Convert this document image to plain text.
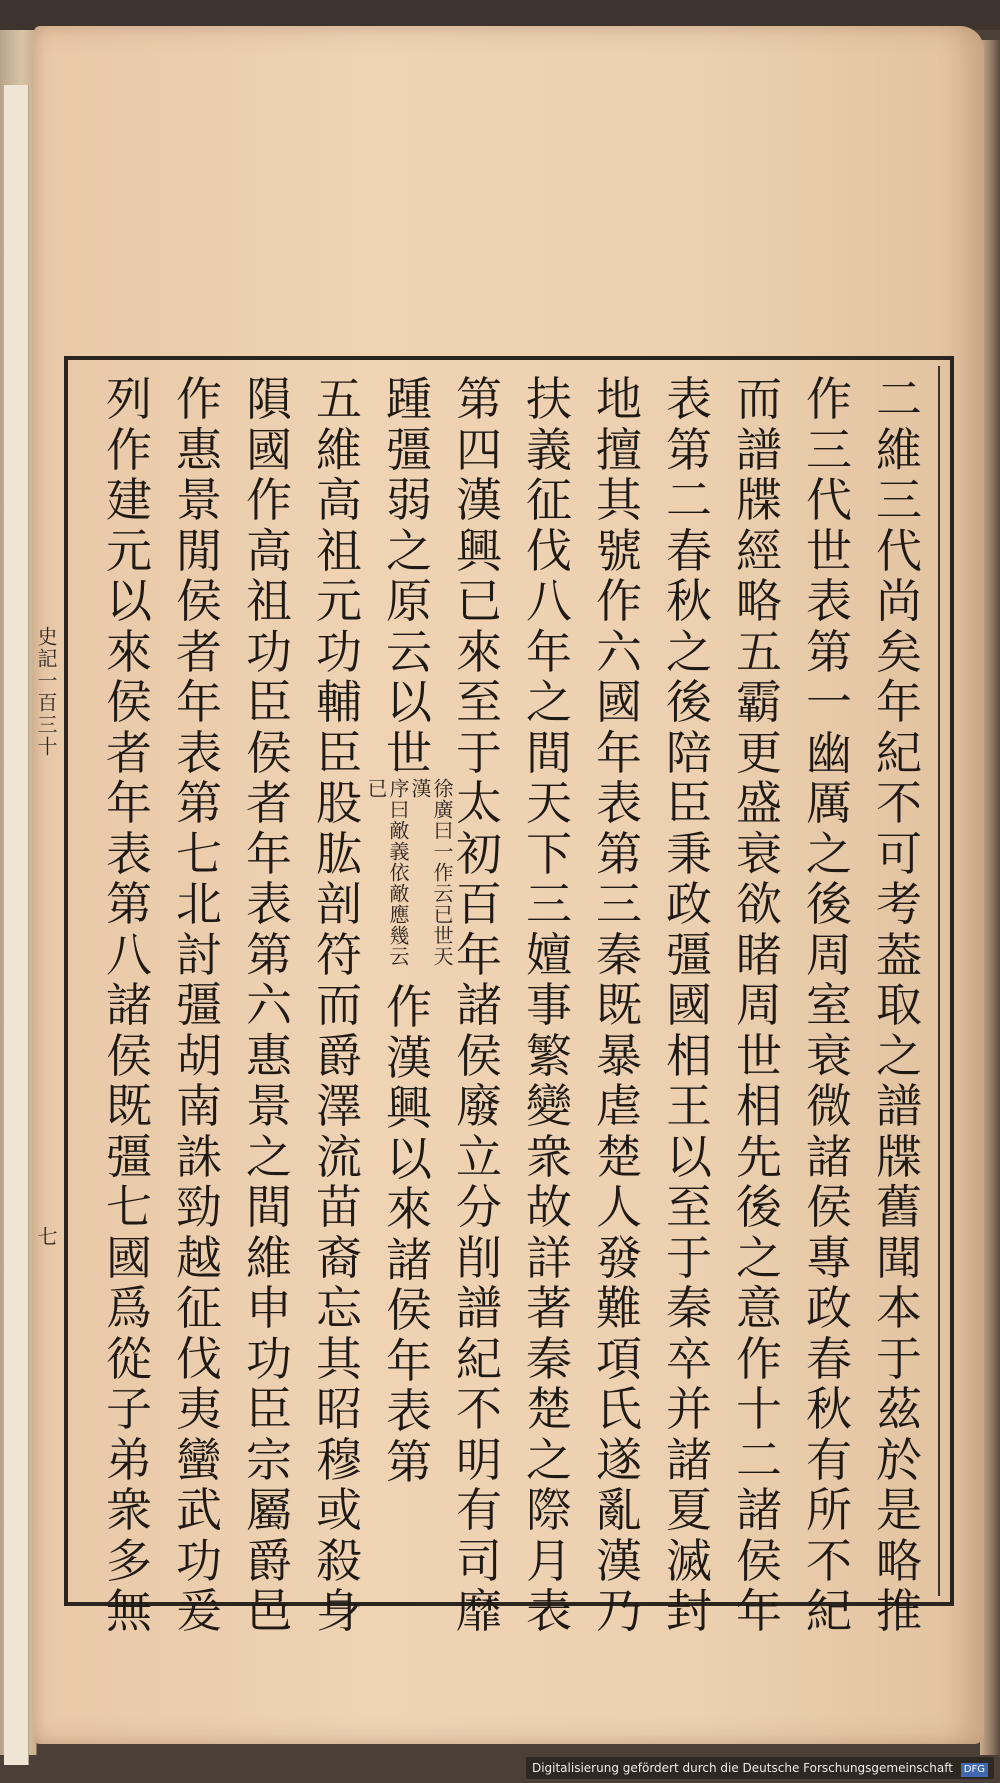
史記一百三十
七
二
維
三
代
尚
矣
年
紀
不
可
考
葢
取
之
譜
牒
舊
聞
本
于
茲
於
是
略
推
作
三
代
世
表
第
一
幽
厲
之
後
周
室
衰
微
諸
侯
專
政
春
秋
有
所
不
紀
而
譜
牒
經
略
五
霸
更
盛
衰
欲
睹
周
世
相
先
後
之
意
作
十
二
諸
侯
年
表
第
二
春
秋
之
後
陪
臣
秉
政
彊
國
相
王
以
至
于
秦
卒
并
諸
夏
滅
封
地
擅
其
號
作
六
國
年
表
第
三
秦
既
暴
虐
楚
人
發
難
項
氏
遂
亂
漢
乃
扶
義
征
伐
八
年
之
間
天
下
三
嬗
事
繁
變
衆
故
詳
著
秦
楚
之
際
月
表
第
四
漢
興
已
來
至
于
太
初
百
年
諸
侯
廢
立
分
削
譜
紀
不
明
有
司
靡
踵
彊
弱
之
原
云
以
世
徐廣曰一作云已世天漢
序曰敵義依敵應幾云已
作
漢
興
以
來
諸
侯
年
表
第
五
維
高
祖
元
功
輔
臣
股
肱
剖
符
而
爵
澤
流
苗
裔
忘
其
昭
穆
或
殺
身
隕
國
作
高
祖
功
臣
侯
者
年
表
第
六
惠
景
之
間
維
申
功
臣
宗
屬
爵
邑
作
惠
景
閒
侯
者
年
表
第
七
北
討
彊
胡
南
誅
勁
越
征
伐
夷
蠻
武
功
爰
列
作
建
元
以
來
侯
者
年
表
第
八
諸
侯
既
彊
七
國
爲
從
子
弟
衆
多
無
Digitalisierung gefördert durch die Deutsche Forschungsgemeinschaft DFG
